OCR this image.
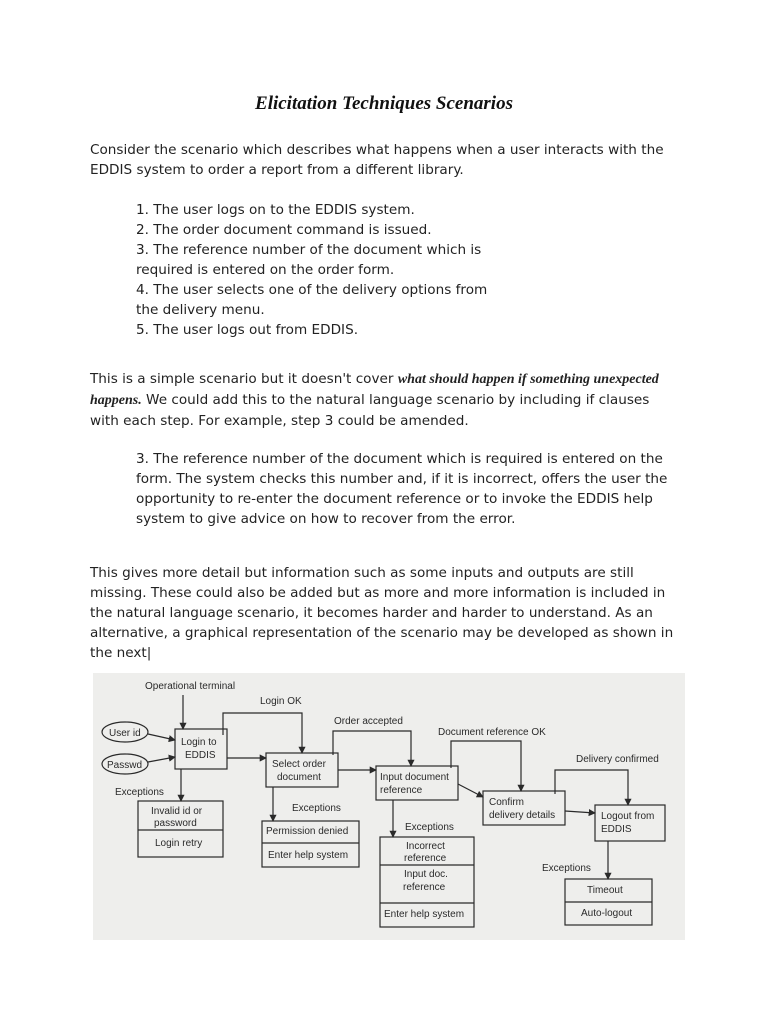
Elicitation Techniques Scenarios

Consider the scenario which describes what happens when a user interacts with the EDDIS system to order a report from a different library.

1. The user logs on to the EDDIS system.
2. The order document command is issued.
3. The reference number of the document which is required is entered on the order form.
4. The user selects one of the delivery options from the delivery menu.
5. The user logs out from EDDIS.

This is a simple scenario but it doesn't cover what should happen if something unexpected happens. We could add this to the natural language scenario by including if clauses with each step. For example, step 3 could be amended.

3. The reference number of the document which is required is entered on the form. The system checks this number and, if it is incorrect, offers the user the opportunity to re-enter the document reference or to invoke the EDDIS help system to give advice on how to recover from the error.

This gives more detail but information such as some inputs and outputs are still missing. These could also be added but as more and more information is included in the natural language scenario, it becomes harder and harder to understand. As an alternative, a graphical representation of the scenario may be developed as shown in the next|

Operational terminal
Login OK
Order accepted
Document reference OK
Delivery confirmed
User id
Passwd
Login to
EDDIS
Select order
document	Input document
reference
Confirm
delivery details	Logout from
EDDIS
Exceptions
Exceptions
Exceptions
Exceptions
Invalid id or
password
Login retry
Permission denied
Enter help system
Incorrect
reference
Input doc.
reference
Enter help system
Timeout
Auto-logout
